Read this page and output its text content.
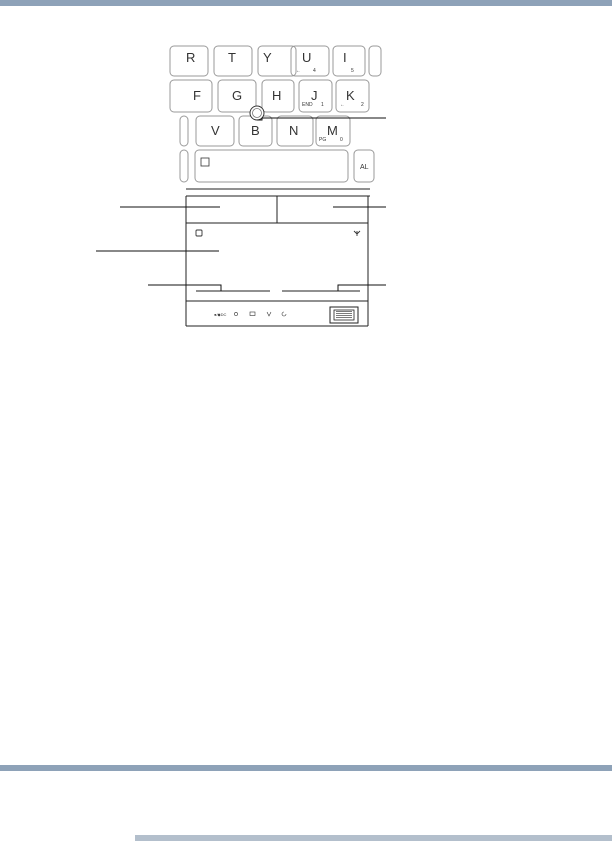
R	T Y U I
← 4	5
F G H J K
END 1	←	2
V B N M
PG	0
AL
●/◆DC
